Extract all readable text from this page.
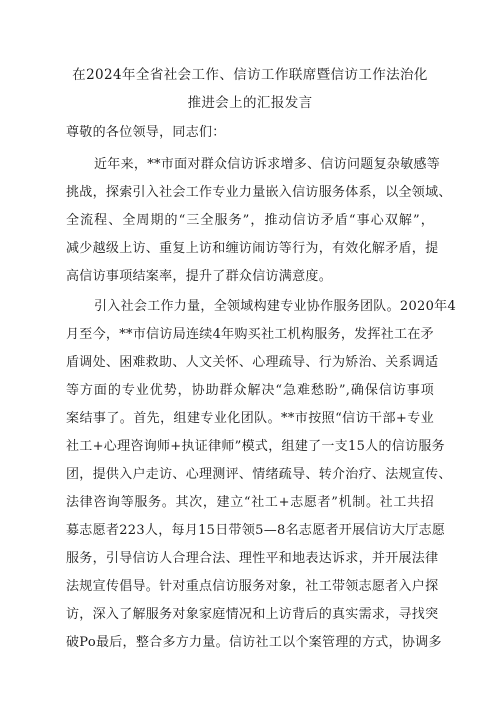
在2024年全省社会工作、信访工作联席暨信访工作法治化
推进会上的汇报发言
尊敬的各位领导，同志们：
近年来，**市面对群众信访诉求增多、信访问题复杂敏感等
挑战，探索引入社会工作专业力量嵌入信访服务体系，以全领域、
全流程、全周期的“三全服务”，推动信访矛盾“事心双解”，
减少越级上访、重复上访和缠访闹访等行为，有效化解矛盾，提
高信访事项结案率，提升了群众信访满意度。
引入社会工作力量，全领域构建专业协作服务团队。2020年4
月至今，**市信访局连续4年购买社工机构服务，发挥社工在矛
盾调处、困难救助、人文关怀、心理疏导、行为矫治、关系调适
等方面的专业优势，协助群众解决“急难愁盼”,确保信访事项
案结事了。首先，组建专业化团队。**市按照“信访干部+专业
社工+心理咨询师+执证律师”模式，组建了一支15人的信访服务
团，提供入户走访、心理测评、情绪疏导、转介治疗、法规宣传、
法律咨询等服务。其次，建立“社工+志愿者”机制。社工共招
募志愿者223人，每月15日带领5—8名志愿者开展信访大厅志愿
服务，引导信访人合理合法、理性平和地表达诉求，并开展法律
法规宣传倡导。针对重点信访服务对象，社工带领志愿者入户探
访，深入了解服务对象家庭情况和上访背后的真实需求，寻找突
破Po最后，整合多方力量。信访社工以个案管理的方式，协调多
